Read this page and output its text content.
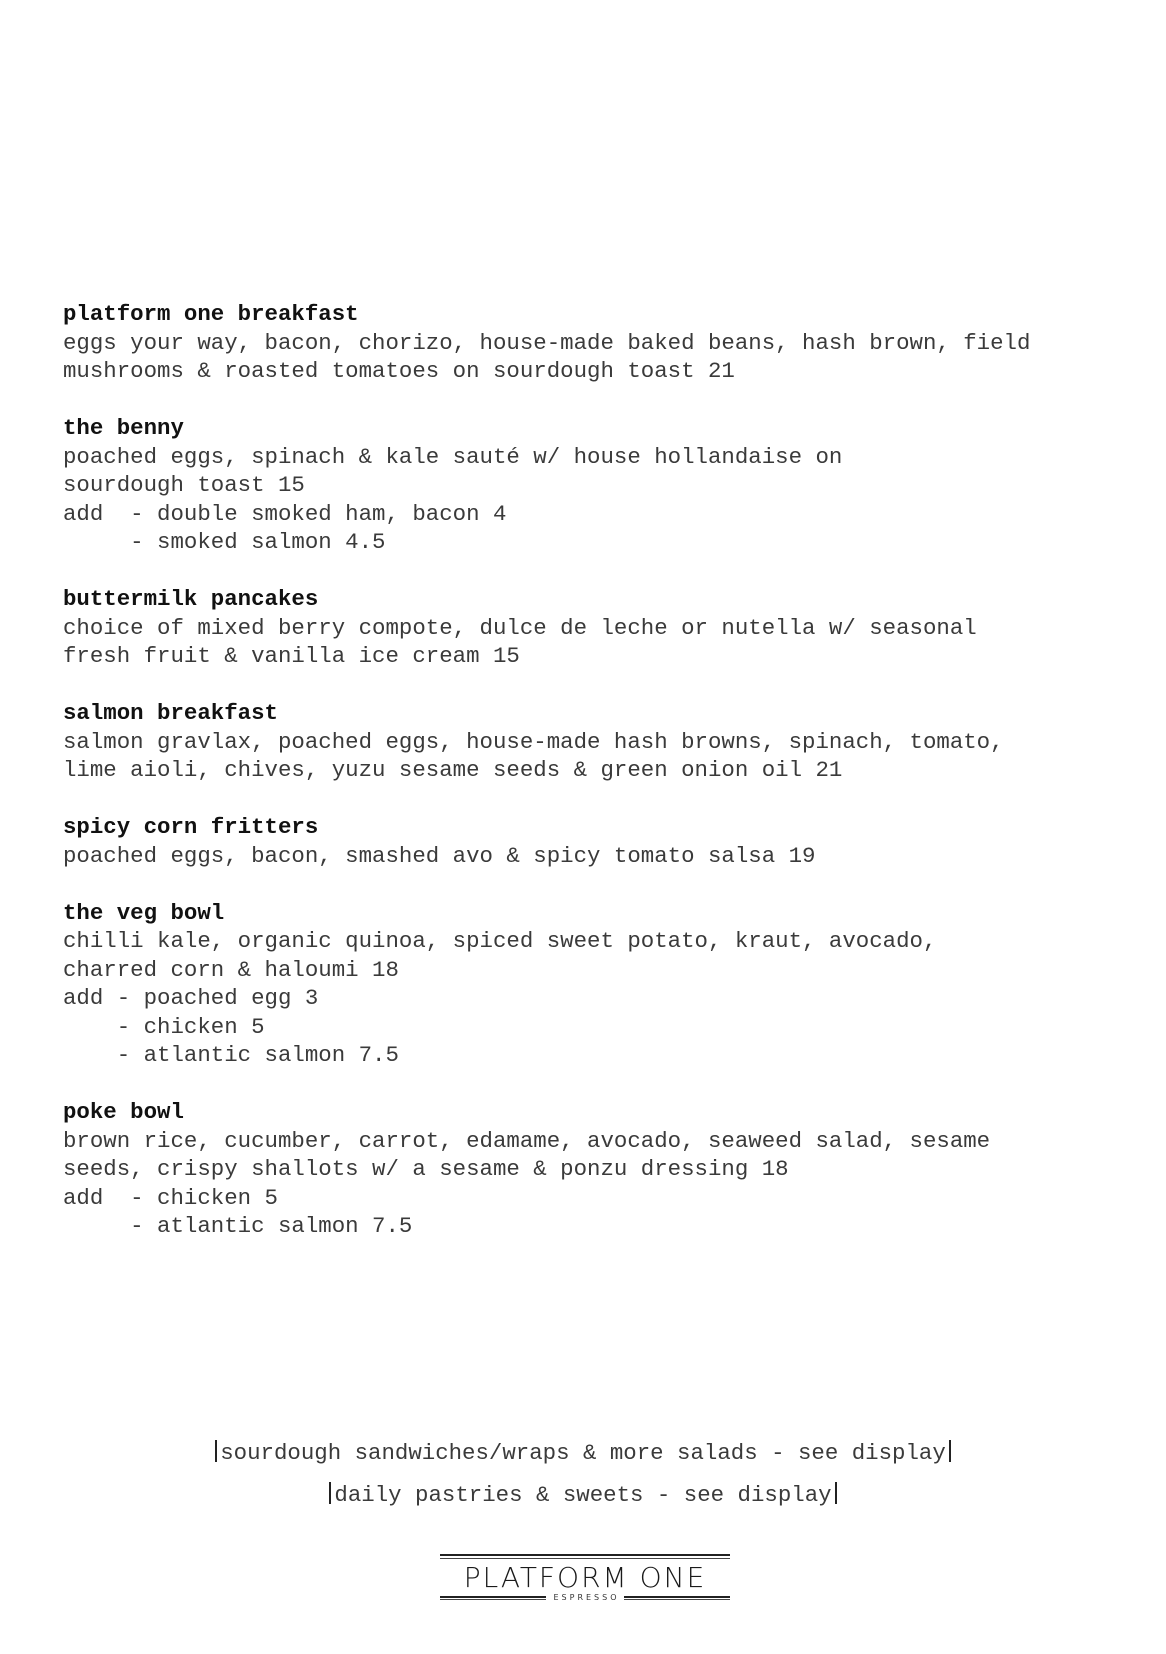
platform one breakfast
eggs your way, bacon, chorizo, house-made baked beans, hash brown, field
mushrooms & roasted tomatoes on sourdough toast 21
the benny
poached eggs, spinach & kale sauté w/ house hollandaise on
sourdough toast 15
add  - double smoked ham, bacon 4
- smoked salmon 4.5
buttermilk pancakes
choice of mixed berry compote, dulce de leche or nutella w/ seasonal
fresh fruit & vanilla ice cream 15
salmon breakfast
salmon gravlax, poached eggs, house-made hash browns, spinach, tomato,
lime aioli, chives, yuzu sesame seeds & green onion oil 21
spicy corn fritters
poached eggs, bacon, smashed avo & spicy tomato salsa 19
the veg bowl
chilli kale, organic quinoa, spiced sweet potato, kraut, avocado,
charred corn & haloumi 18
add - poached egg 3
- chicken 5
- atlantic salmon 7.5
poke bowl
brown rice, cucumber, carrot, edamame, avocado, seaweed salad, sesame
seeds, crispy shallots w/ a sesame & ponzu dressing 18
add  - chicken 5
- atlantic salmon 7.5
sourdough sandwiches/wraps & more salads - see display
daily pastries & sweets - see display
PLATFORM ONE
ESPRESSO
